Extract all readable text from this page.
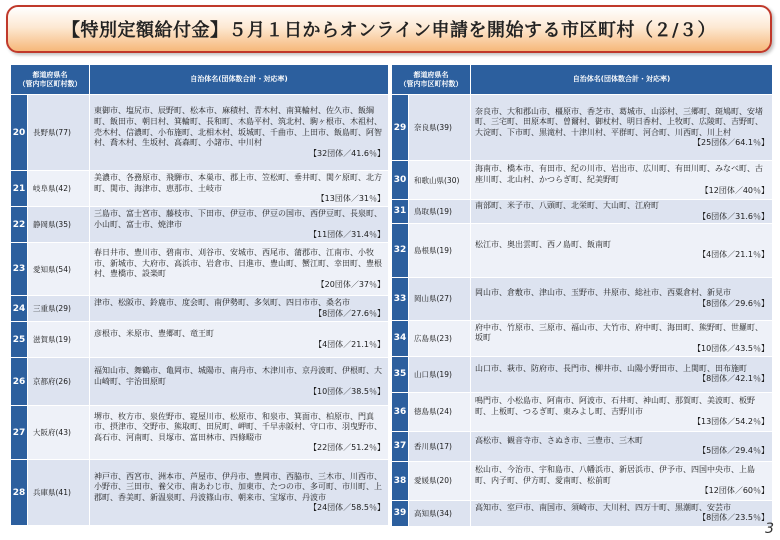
【特別定額給付金】５月１日からオンライン申請を開始する市区町村（２/３）
都道府県名
（管内市区町村数）		自治体名(団体数合計・対応率)
20	長野県(77)	東御市、塩尻市、辰野町、松本市、麻積村、青木村、南箕輪村、佐久市、飯綱町、飯田市、朝日村、箕輪町、長和町、木島平村、筑北村、駒ヶ根市、木祖村、売木村、信濃町、小布施町、北相木村、坂城町、千曲市、上田市、飯島町、阿智村、喬木村、生坂村、高森町、小諸市、中川村
【32団体／41.6％】

21	岐阜県(42)	美濃市、各務原市、飛騨市、本巣市、郡上市、笠松町、垂井町、関ケ原町、北方町、関市、海津市、恵那市、土岐市
【13団体／31％】

22	静岡県(35)	三島市、富士宮市、藤枝市、下田市、伊豆市、伊豆の国市、西伊豆町、長泉町、小山町、富士市、焼津市
【11団体／31.4％】

23	愛知県(54)	春日井市、豊川市、碧南市、刈谷市、安城市、西尾市、蒲郡市、江南市、小牧市、新城市、大府市、高浜市、岩倉市、日進市、豊山町、蟹江町、幸田町、豊根村、豊橋市、設楽町
【20団体／37％】

24	三重県(29)	津市、松阪市、鈴鹿市、度会町、南伊勢町、多気町、四日市市、桑名市
【8団体／27.6％】

25	滋賀県(19)	彦根市、米原市、豊郷町、竜王町
【4団体／21.1％】

26	京都府(26)	福知山市、舞鶴市、亀岡市、城陽市、南丹市、木津川市、京丹波町、伊根町、大山崎町、宇治田原町
【10団体／38.5％】

27	大阪府(43)	堺市、枚方市、泉佐野市、寝屋川市、松原市、和泉市、箕面市、柏原市、門真市、摂津市、交野市、熊取町、田尻町、岬町、千早赤阪村、守口市、羽曳野市、高石市、河南町、貝塚市、富田林市、四條畷市
【22団体／51.2％】

28	兵庫県(41)	神戸市、西宮市、洲本市、芦屋市、伊丹市、豊岡市、西脇市、三木市、川西市、小野市、三田市、養父市、南あわじ市、加東市、たつの市、多可町、市川町、上郡町、香美町、新温泉町、丹波篠山市、朝来市、宝塚市、丹波市
【24団体／58.5％】
都道府県名
（管内市区町村数）		自治体名(団体数合計・対応率)
29	奈良県(39)	奈良市、大和郡山市、橿原市、香芝市、葛城市、山添村、三郷町、斑鳩町、安堵町、三宅町、田原本町、曽爾村、御杖村、明日香村、上牧町、広陵町、吉野町、大淀町、下市町、黒滝村、十津川村、平群町、河合町、川西町、川上村
【25団体／64.1％】

30	和歌山県(30)	海南市、橋本市、有田市、紀の川市、岩出市、広川町、有田川町、みなべ町、古座川町、北山村、かつらぎ町、紀美野町
【12団体／40％】

31	鳥取県(19)	南部町、米子市、八頭町、北栄町、大山町、江府町
【6団体／31.6％】

32	島根県(19)	松江市、奥出雲町、西ノ島町、飯南町
【4団体／21.1％】

33	岡山県(27)	岡山市、倉敷市、津山市、玉野市、井原市、総社市、西粟倉村、新見市
【8団体／29.6％】

34	広島県(23)	府中市、竹原市、三原市、福山市、大竹市、府中町、海田町、熊野町、世羅町、坂町
【10団体／43.5％】

35	山口県(19)	山口市、萩市、防府市、長門市、柳井市、山陽小野田市、上関町、田布施町
【8団体／42.1％】

36	徳島県(24)	鳴門市、小松島市、阿南市、阿波市、石井町、神山町、那賀町、美波町、板野町、上板町、つるぎ町、東みよし町、吉野川市
【13団体／54.2％】

37	香川県(17)	高松市、観音寺市、さぬき市、三豊市、三木町
【5団体／29.4％】

38	愛媛県(20)	松山市、今治市、宇和島市、八幡浜市、新居浜市、伊予市、四国中央市、上島町、内子町、伊方町、愛南町、松前町
【12団体／60％】

39	高知県(34)	高知市、室戸市、南国市、須崎市、大川村、四万十町、黒潮町、安芸市
【8団体／23.5％】
3
